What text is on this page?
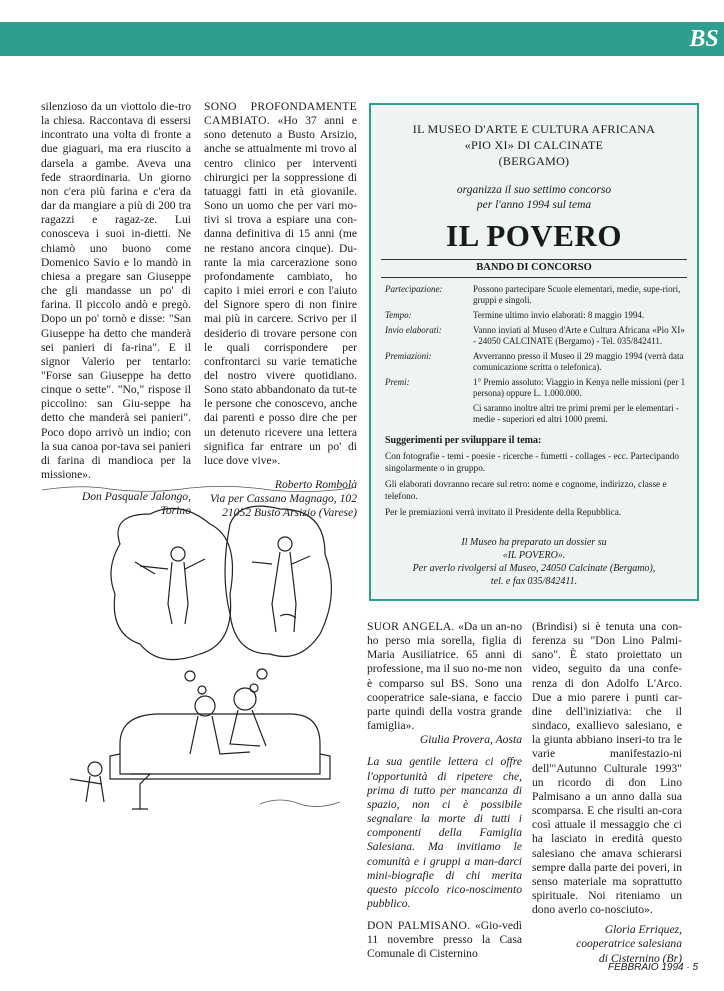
BS

silenzioso da un viottolo die-tro la chiesa. Raccontava di essersi incontrato una volta di fronte a due giaguari, ma era riuscito a darsela a gambe. Aveva una fede straordinaria. Un giorno non c'era più farina e c'era da dar da mangiare a più di 200 tra ragazzi e ragaz-ze. Lui conosceva i suoi in-dietti. Ne chiamò uno buono come Domenico Savio e lo mandò in chiesa a pregare san Giuseppe che gli mandasse un po' di farina. Il piccolo andò e pregò. Dopo un po' tornò e disse: "San Giuseppe ha detto che manderà sei panieri di fa-rina". E il signor Valerio per tentarlo: "Forse san Giuseppe ha detto cinque o sette". "No," rispose il piccolino: san Giu-seppe ha detto che manderà sei panieri". Poco dopo arrivò un indio; con la sua canoa por-tava sei panieri di farina di mandioca per la missione».

Don Pasquale Jalongo,

Torino

SONO PROFONDAMENTE CAMBIATO. «Ho 37 anni e sono detenuto a Busto Arsizio, anche se attualmente mi trovo al centro clinico per interventi chirurgici per la soppressione di tatuaggi fatti in età giovanile. Sono un uomo che per vari mo-tivi si trova a espiare una con-danna definitiva di 15 anni (me ne restano ancora cinque). Du-rante la mia carcerazione sono profondamente cambiato, ho capito i miei errori e con l'aiuto del Signore spero di non finire mai più in carcere. Scrivo per il desiderio di trovare persone con le quali corrispondere per confrontarci su varie tematiche del nostro vivere quotidiano. Sono stato abbandonato da tut-te le persone che conoscevo, anche dai parenti e posso dire che per un detenuto ricevere una lettera significa far entrare un po' di luce dove vive».

Roberto Rombolà

Via per Cassano Magnago, 102

21052 Busto Arsizio (Varese)

IL MUSEO D'ARTE E CULTURA AFRICANA
«PIO XI» DI CALCINATE
(BERGAMO)
organizza il suo settimo concorso
per l'anno 1994 sul tema
IL POVERO
BANDO DI CONCORSO
Partecipazione:	Possono partecipare Scuole elementari, medie, supe-riori, gruppi e singoli.
Tempo:	Termine ultimo invio elaborati: 8 maggio 1994.
Invio elaborati:	Vanno inviati al Museo d'Arte e Cultura Africana «Pio XI» - 24050 CALCINATE (Bergamo) - Tel. 035/842411.
Premiazioni:	Avverranno presso il Museo il 29 maggio 1994 (verrà data comunicazione scritta o telefonica).
Premi:	1° Premio assoluto: Viaggio in Kenya nelle missioni (per 1 persona) oppure L. 1.000.000.
Ci saranno inoltre altri tre primi premi per le elementari - medie - superiori ed altri 1000 premi.
Suggerimenti per sviluppare il tema:
Con fotografie - temi - poesie - ricerche - fumetti - collages - ecc. Partecipando singolarmente o in gruppo.
Gli elaborati dovranno recare sul retro: nome e cognome, indirizzo, classe e telefono.
Per le premiazioni verrà invitato il Presidente della Repubblica.
Il Museo ha preparato un dossier su
«IL POVERO».
Per averlo rivolgersi al Museo, 24050 Calcinate (Bergamo),
tel. e fax 035/842411.

SUOR ANGELA. «Da un an-no ho perso mia sorella, figlia di Maria Ausiliatrice. 65 anni di professione, ma il suo no-me non è comparso sul BS. Sono una cooperatrice sale-siana, e faccio parte quindi della vostra grande famiglia».

Giulia Provera, Aosta

La sua gentile lettera ci offre l'opportunità di ripetere che, prima di tutto per mancanza di spazio, non ci è possibile segnalare la morte di tutti i componenti della Famiglia Salesiana. Ma invitiamo le comunità e i gruppi a man-darci mini-biografie di chi merita questo piccolo rico-noscimento pubblico.

DON PALMISANO. «Gio-vedì 11 novembre presso la Casa Comunale di Cisternino

(Brindisi) si è tenuta una con-ferenza su "Don Lino Palmi-sano". È stato proiettato un video, seguito da una confe-renza di don Adolfo L'Arco. Due a mio parere i punti car-dine dell'iniziativa: che il sindaco, exallievo salesiano, e la giunta abbiano inseri-to tra le varie manifestazio-ni dell'"Autunno Culturale 1993" un ricordo di don Lino Palmisano a un anno dalla sua scomparsa. E che risulti an-cora così attuale il messaggio che ci ha lasciato in eredità questo salesiano che amava schierarsi sempre dalla parte dei poveri, in senso materiale ma soprattutto spirituale. Noi riteniamo un dono averlo co-nosciuto».

Gloria Erriquez,

cooperatrice salesiana

di Cisternino (Br)

FEBBRAIO 1994 · 5
